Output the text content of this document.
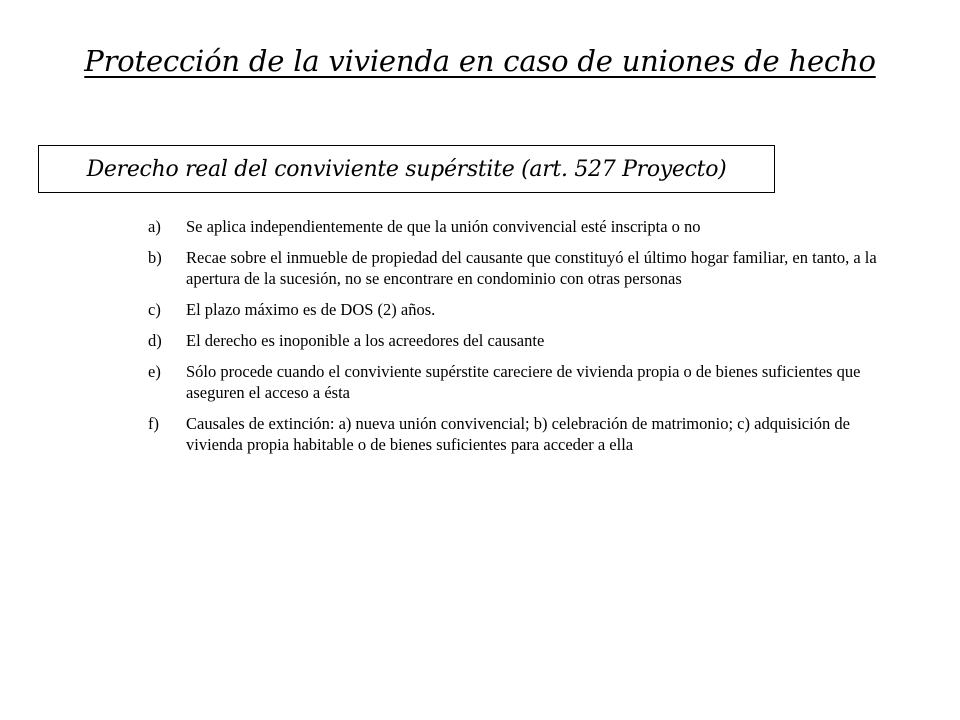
Protección de la vivienda en caso de uniones de hecho
Derecho real del conviviente supérstite (art. 527 Proyecto)
a)	Se aplica independientemente de que la unión convivencial esté inscripta o no
b)	Recae sobre el inmueble de propiedad del causante que constituyó el último hogar familiar, en tanto, a la apertura de la sucesión, no se encontrare en condominio con otras personas
c)	El plazo máximo es de DOS (2) años.
d)	El derecho es inoponible a los acreedores del causante
e)	Sólo procede cuando el conviviente supérstite careciere de vivienda propia o de bienes suficientes que aseguren el acceso a ésta
f)	Causales de extinción: a) nueva unión convivencial; b) celebración de matrimonio; c) adquisición de vivienda propia habitable o de bienes suficientes para acceder a ella
